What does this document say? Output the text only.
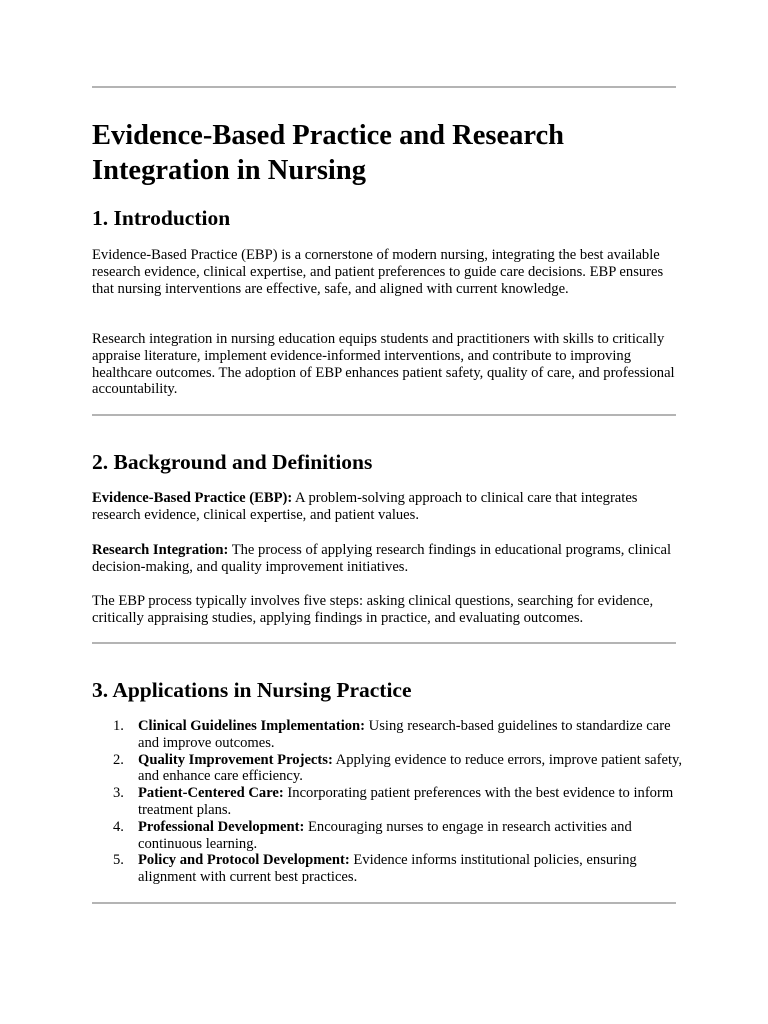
Evidence-Based Practice and Research Integration in Nursing
1. Introduction

Evidence-Based Practice (EBP) is a cornerstone of modern nursing, integrating the best available research evidence, clinical expertise, and patient preferences to guide care decisions. EBP ensures that nursing interventions are effective, safe, and aligned with current knowledge.

Research integration in nursing education equips students and practitioners with skills to critically appraise literature, implement evidence-informed interventions, and contribute to improving healthcare outcomes. The adoption of EBP enhances patient safety, quality of care, and professional accountability.

2. Background and Definitions

Evidence-Based Practice (EBP): A problem-solving approach to clinical care that integrates research evidence, clinical expertise, and patient values.

Research Integration: The process of applying research findings in educational programs, clinical decision-making, and quality improvement initiatives.

The EBP process typically involves five steps: asking clinical questions, searching for evidence, critically appraising studies, applying findings in practice, and evaluating outcomes.

3. Applications in Nursing Practice
1. Clinical Guidelines Implementation: Using research-based guidelines to standardize care and improve outcomes.
2. Quality Improvement Projects: Applying evidence to reduce errors, improve patient safety, and enhance care efficiency.
3. Patient-Centered Care: Incorporating patient preferences with the best evidence to inform treatment plans.
4. Professional Development: Encouraging nurses to engage in research activities and continuous learning.
5. Policy and Protocol Development: Evidence informs institutional policies, ensuring alignment with current best practices.
